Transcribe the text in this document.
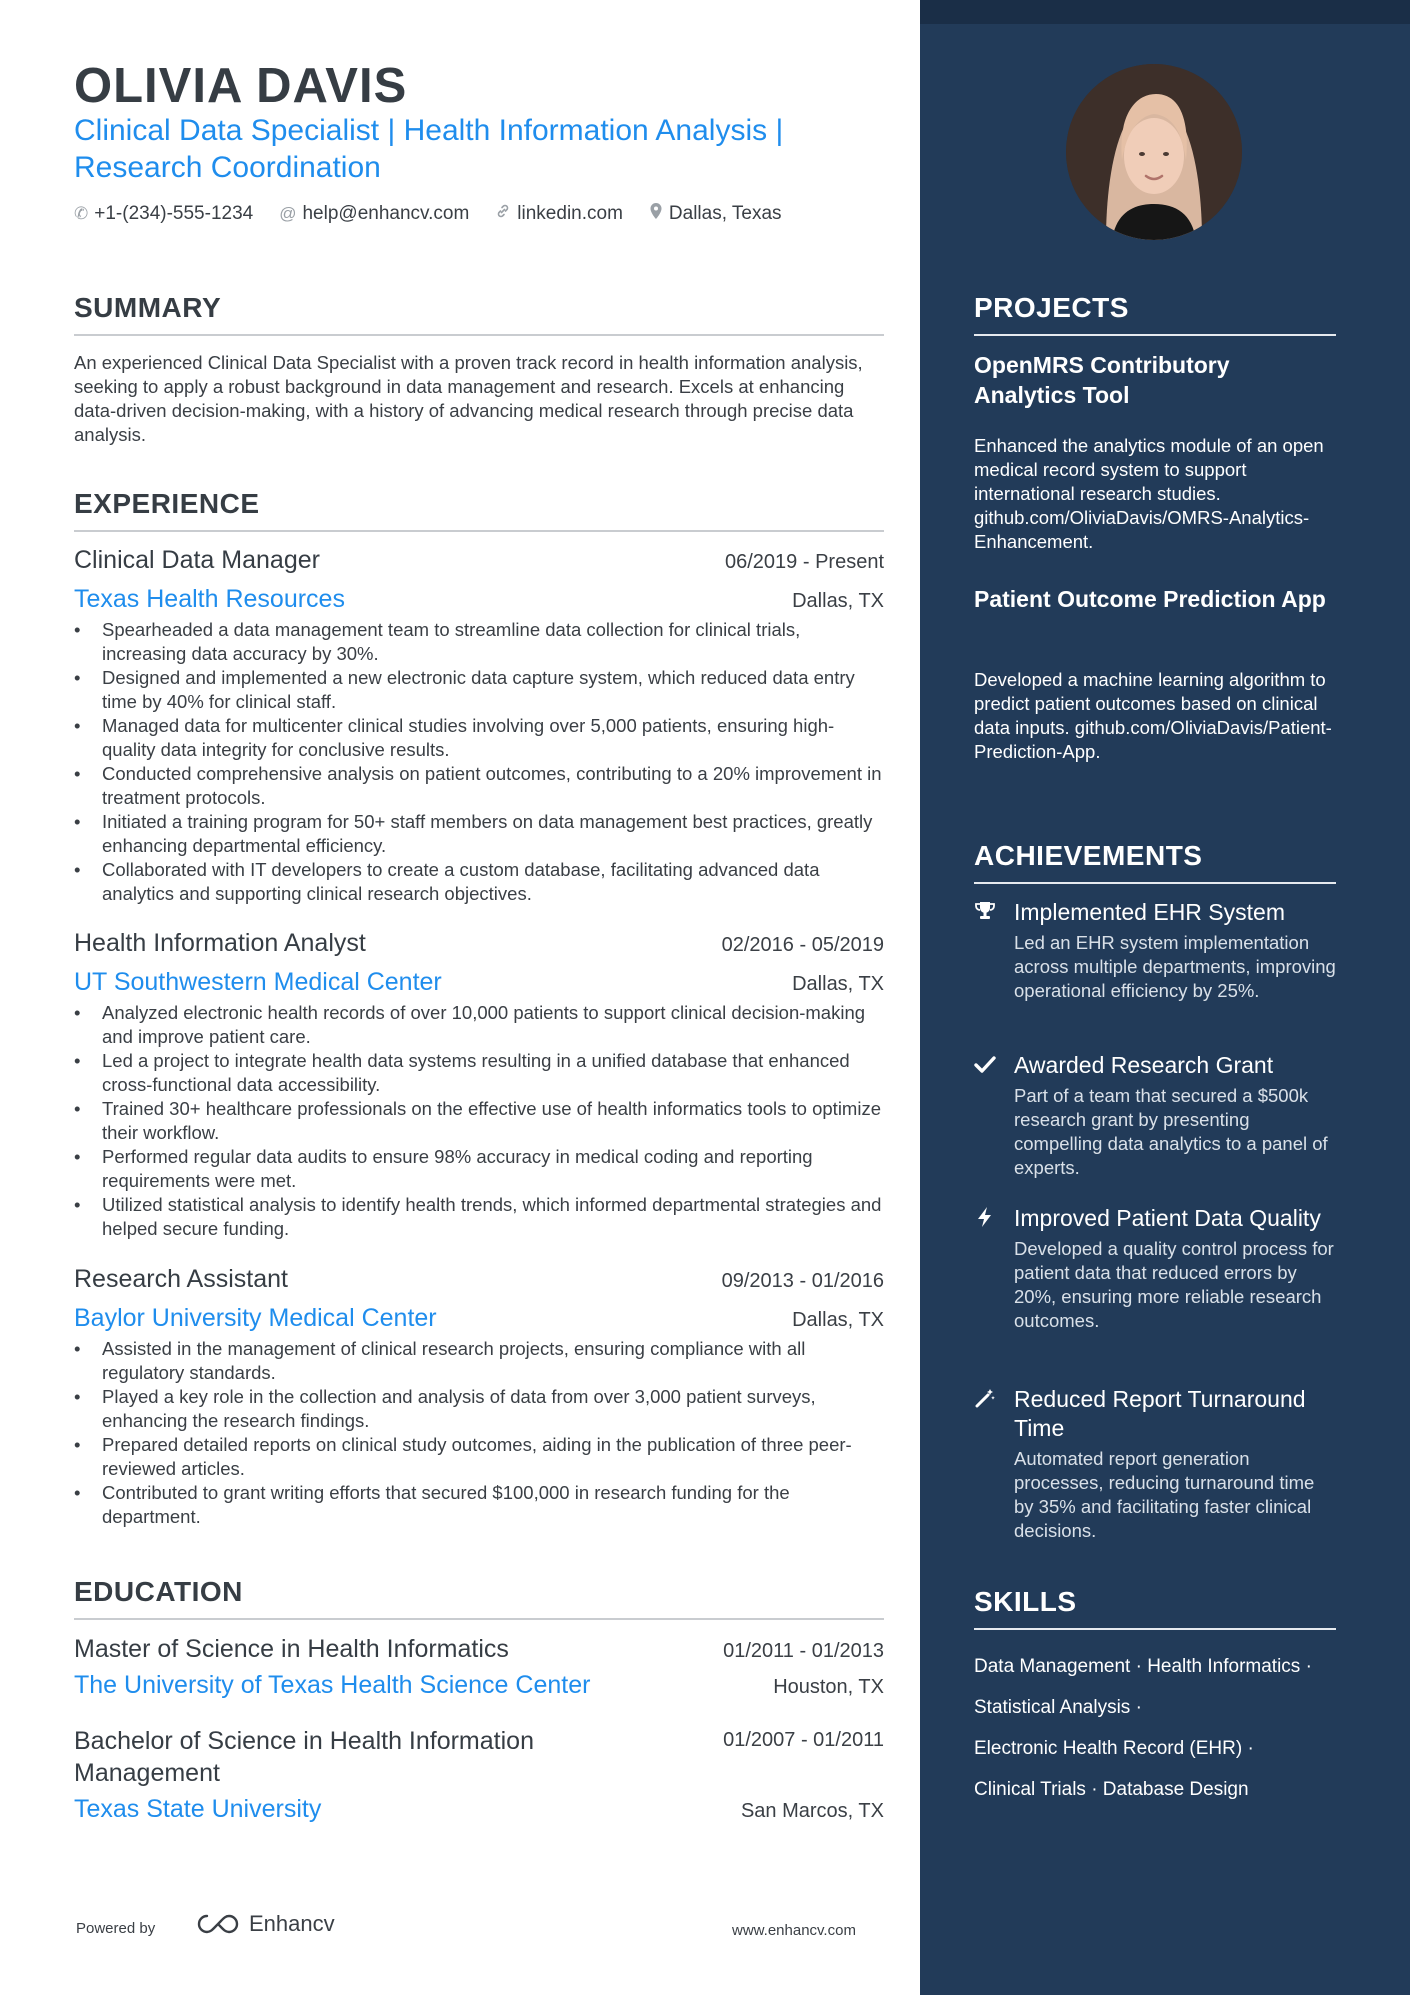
OLIVIA DAVIS

Clinical Data Specialist | Health Information Analysis | Research Coordination

✆ +1-(234)-555-1234 @ help@enhancv.com	linkedin.com Dallas, Texas
SUMMARY

An experienced Clinical Data Specialist with a proven track record in health information analysis, seeking to apply a robust background in data management and research. Excels at enhancing data-driven decision-making, with a history of advancing medical research through precise data analysis.

EXPERIENCE
Clinical Data Manager	06/2019 - Present
Texas Health Resources	Dallas, TX
• Spearheaded a data management team to streamline data collection for clinical trials, increasing data accuracy by 30%.
• Designed and implemented a new electronic data capture system, which reduced data entry time by 40% for clinical staff.
• Managed data for multicenter clinical studies involving over 5,000 patients, ensuring high-quality data integrity for conclusive results.
• Conducted comprehensive analysis on patient outcomes, contributing to a 20% improvement in treatment protocols.
• Initiated a training program for 50+ staff members on data management best practices, greatly enhancing departmental efficiency.
• Collaborated with IT developers to create a custom database, facilitating advanced data analytics and supporting clinical research objectives.
Health Information Analyst	02/2016 - 05/2019
UT Southwestern Medical Center	Dallas, TX
• Analyzed electronic health records of over 10,000 patients to support clinical decision-making and improve patient care.
• Led a project to integrate health data systems resulting in a unified database that enhanced cross-functional data accessibility.
• Trained 30+ healthcare professionals on the effective use of health informatics tools to optimize their workflow.
• Performed regular data audits to ensure 98% accuracy in medical coding and reporting requirements were met.
• Utilized statistical analysis to identify health trends, which informed departmental strategies and helped secure funding.
Research Assistant	09/2013 - 01/2016
Baylor University Medical Center	Dallas, TX
• Assisted in the management of clinical research projects, ensuring compliance with all regulatory standards.
• Played a key role in the collection and analysis of data from over 3,000 patient surveys, enhancing the research findings.
• Prepared detailed reports on clinical study outcomes, aiding in the publication of three peer-reviewed articles.
• Contributed to grant writing efforts that secured $100,000 in research funding for the department.
EDUCATION
Master of Science in Health Informatics	01/2011 - 01/2013
The University of Texas Health Science Center	Houston, TX
Bachelor of Science in Health Information Management
01/2007 - 01/2011
Texas State University	San Marcos, TX
Powered by	Enhancv	www.enhancv.com
PROJECTS

OpenMRS Contributory Analytics Tool

Enhanced the analytics module of an open medical record system to support international research studies. github.com/OliviaDavis/OMRS-Analytics-Enhancement.

Patient Outcome Prediction App

Developed a machine learning algorithm to predict patient outcomes based on clinical data inputs. github.com/OliviaDavis/Patient-Prediction-App.

ACHIEVEMENTS
Implemented EHR System
Led an EHR system implementation across multiple departments, improving operational efficiency by 25%.
Awarded Research Grant
Part of a team that secured a $500k research grant by presenting compelling data analytics to a panel of experts.
Improved Patient Data Quality
Developed a quality control process for patient data that reduced errors by 20%, ensuring more reliable research outcomes.
Reduced Report Turnaround Time
Automated report generation processes, reducing turnaround time by 35% and facilitating faster clinical decisions.
SKILLS
Data Management · Health Informatics ·
Statistical Analysis ·
Electronic Health Record (EHR) ·
Clinical Trials · Database Design
